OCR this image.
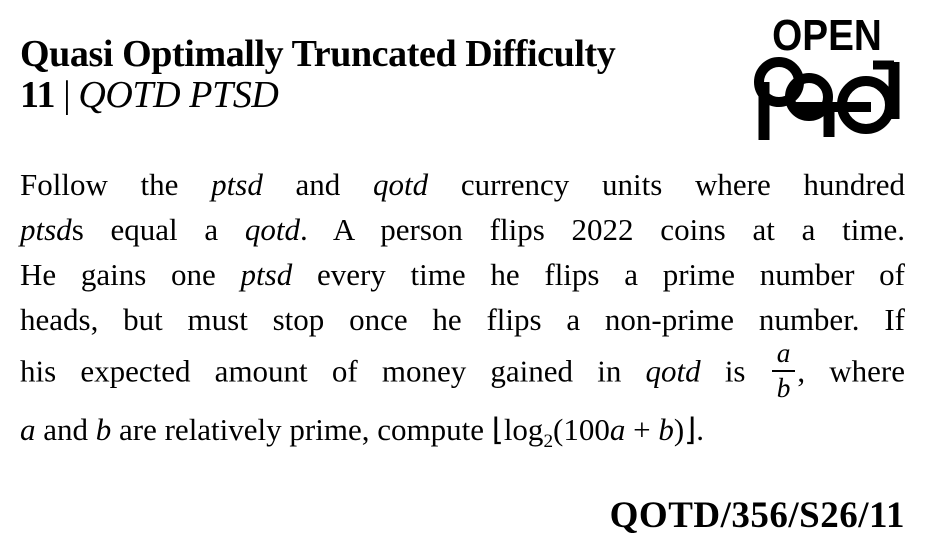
Quasi Optimally Truncated Difficulty
11 | QOTD PTSD
OPEN
Follow the ptsd and qotd currency units where hundred
ptsds equal a qotd. A person flips 2022 coins at a time.
He gains one ptsd every time he flips a prime number of
heads, but must stop once he flips a non-prime number. If
his expected amount of money gained in qotd is $\frac{a}{b}$ , where
a and b are relatively prime, compute $⌊\log_2(100a$ + b)⌋.
QOTD/356/S26/11
